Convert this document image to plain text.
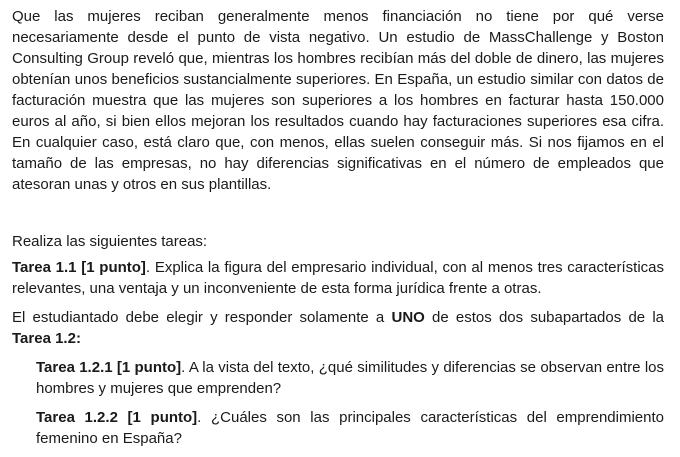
Que las mujeres reciban generalmente menos financiación no tiene por qué verse necesariamente desde el punto de vista negativo. Un estudio de MassChallenge y Boston Consulting Group reveló que, mientras los hombres recibían más del doble de dinero, las mujeres obtenían unos beneficios sustancialmente superiores. En España, un estudio similar con datos de facturación muestra que las mujeres son superiores a los hombres en facturar hasta 150.000 euros al año, si bien ellos mejoran los resultados cuando hay facturaciones superiores esa cifra. En cualquier caso, está claro que, con menos, ellas suelen conseguir más. Si nos fijamos en el tamaño de las empresas, no hay diferencias significativas en el número de empleados que atesoran unas y otros en sus plantillas.

Realiza las siguientes tareas:

Tarea 1.1 [1 punto]. Explica la figura del empresario individual, con al menos tres características relevantes, una ventaja y un inconveniente de esta forma jurídica frente a otras.

El estudiantado debe elegir y responder solamente a UNO de estos dos subapartados de la Tarea 1.2:

Tarea 1.2.1 [1 punto]. A la vista del texto, ¿qué similitudes y diferencias se observan entre los hombres y mujeres que emprenden?

Tarea 1.2.2 [1 punto]. ¿Cuáles son las principales características del emprendimiento femenino en España?
